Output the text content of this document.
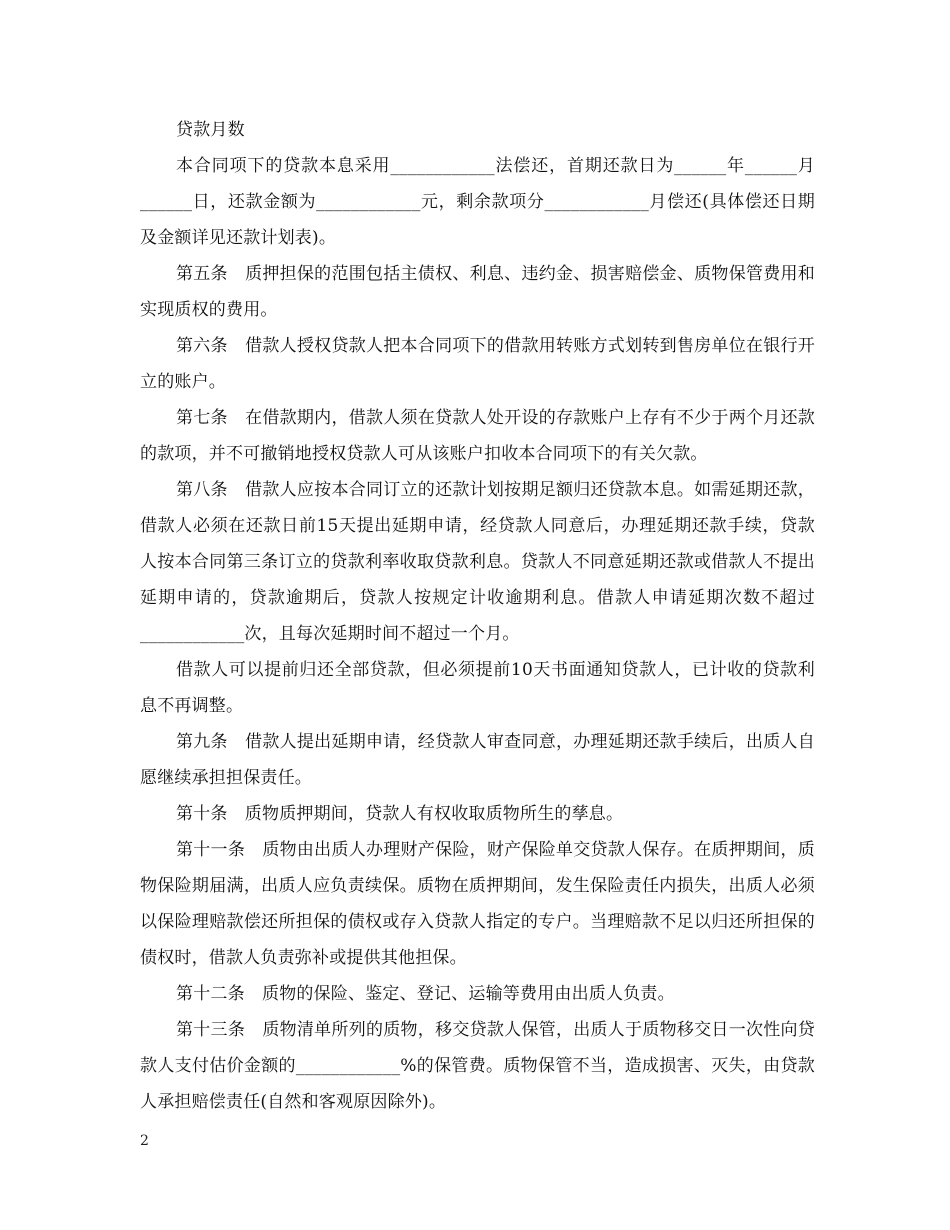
贷款月数

本合同项下的贷款本息采用____________法偿还，首期还款日为______年______月______日，还款金额为____________元，剩余款项分____________月偿还(具体偿还日期及金额详见还款计划表)。

第五条　质押担保的范围包括主债权、利息、违约金、损害赔偿金、质物保管费用和实现质权的费用。

第六条　借款人授权贷款人把本合同项下的借款用转账方式划转到售房单位在银行开立的账户。

第七条　在借款期内，借款人须在贷款人处开设的存款账户上存有不少于两个月还款的款项，并不可撤销地授权贷款人可从该账户扣收本合同项下的有关欠款。

第八条　借款人应按本合同订立的还款计划按期足额归还贷款本息。如需延期还款，借款人必须在还款日前15天提出延期申请，经贷款人同意后，办理延期还款手续，贷款人按本合同第三条订立的贷款利率收取贷款利息。贷款人不同意延期还款或借款人不提出延期申请的，贷款逾期后，贷款人按规定计收逾期利息。借款人申请延期次数不超过____________次，且每次延期时间不超过一个月。

借款人可以提前归还全部贷款，但必须提前10天书面通知贷款人，已计收的贷款利息不再调整。

第九条　借款人提出延期申请，经贷款人审查同意，办理延期还款手续后，出质人自愿继续承担担保责任。

第十条　质物质押期间，贷款人有权收取质物所生的孳息。

第十一条　质物由出质人办理财产保险，财产保险单交贷款人保存。在质押期间，质物保险期届满，出质人应负责续保。质物在质押期间，发生保险责任内损失，出质人必须以保险理赔款偿还所担保的债权或存入贷款人指定的专户。当理赔款不足以归还所担保的债权时，借款人负责弥补或提供其他担保。

第十二条　质物的保险、鉴定、登记、运输等费用由出质人负责。

第十三条　质物清单所列的质物，移交贷款人保管，出质人于质物移交日一次性向贷款人支付估价金额的____________%的保管费。质物保管不当，造成损害、灭失，由贷款人承担赔偿责任(自然和客观原因除外)。

2
